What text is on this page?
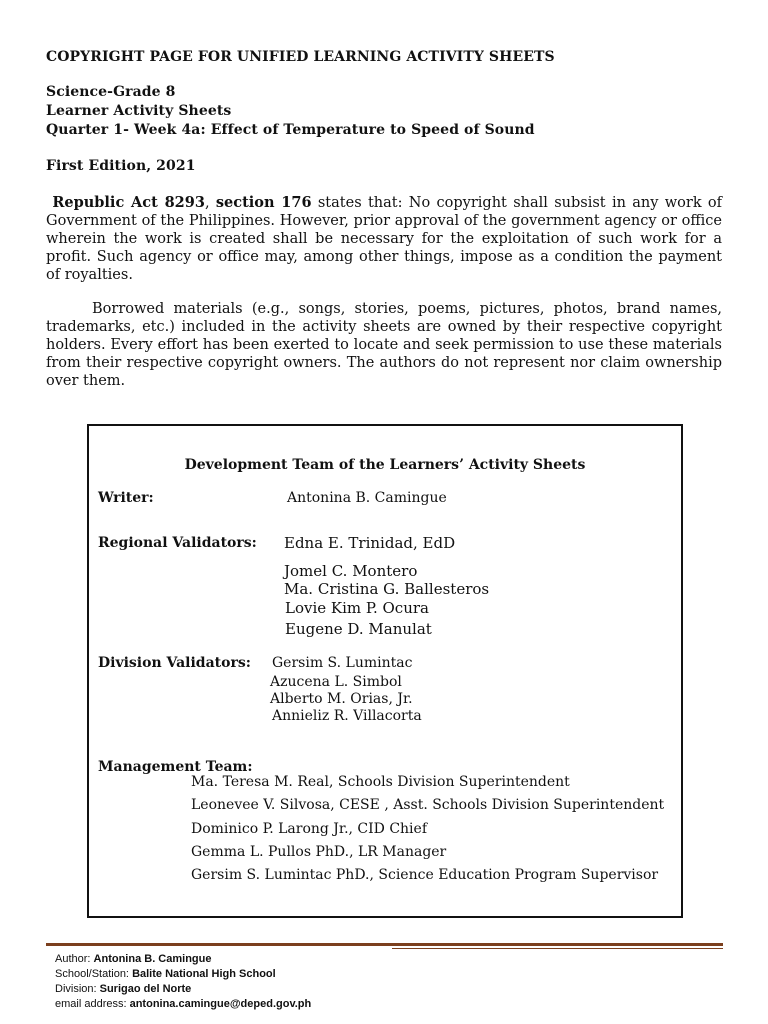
COPYRIGHT PAGE FOR UNIFIED LEARNING ACTIVITY SHEETS
Science-Grade 8
Learner Activity Sheets
Quarter 1- Week 4a: Effect of Temperature to Speed of Sound
First Edition, 2021
Republic Act 8293, section 176 states that: No copyright shall subsist in any work of Government of the Philippines. However, prior approval of the government agency or office wherein the work is created shall be necessary for the exploitation of such work for a profit. Such agency or office may, among other things, impose as a condition the payment of royalties.
Borrowed materials (e.g., songs, stories, poems, pictures, photos, brand names, trademarks, etc.) included in the activity sheets are owned by their respective copyright holders. Every effort has been exerted to locate and seek permission to use these materials from their respective copyright owners. The authors do not represent nor claim ownership over them.
Development Team of the Learners’ Activity Sheets
Writer:	Antonina B. Camingue
Regional Validators: Edna E. Trinidad, EdD
Jomel C. Montero
Ma. Cristina G. Ballesteros
Lovie Kim P. Ocura
Eugene D. Manulat
Division Validators: Gersim S. Lumintac
Azucena L. Simbol
Alberto M. Orias, Jr.
Annieliz R. Villacorta
Management Team:
Ma. Teresa M. Real, Schools Division Superintendent
Leonevee V. Silvosa, CESE , Asst. Schools Division Superintendent
Dominico P. Larong Jr., CID Chief
Gemma L. Pullos PhD., LR Manager
Gersim S. Lumintac PhD., Science Education Program Supervisor
Author: Antonina B. Camingue
School/Station: Balite National High School
Division: Surigao del Norte
email address: antonina.camingue@deped.gov.ph
